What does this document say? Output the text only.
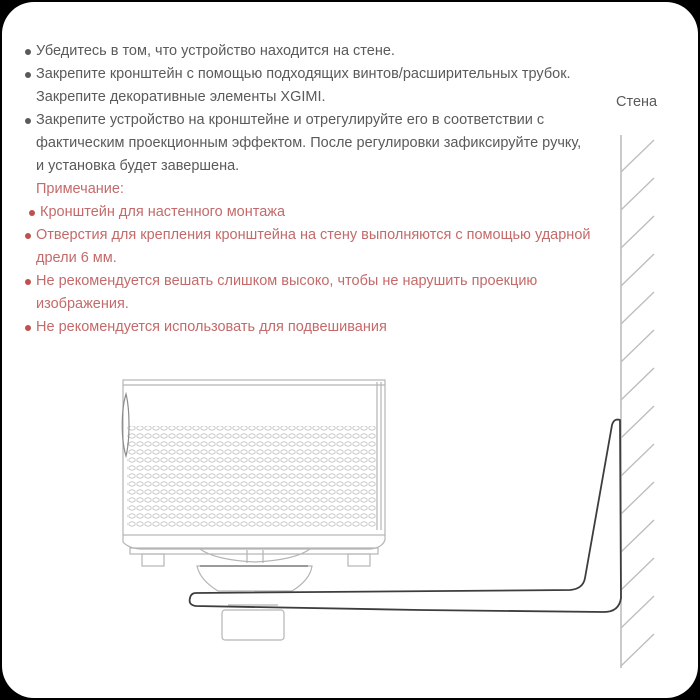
Убедитесь в том, что устройство находится на стене.
Закрепите кронштейн с помощью подходящих винтов/расширительных трубок.
Закрепите декоративные элементы XGIMI.
Закрепите устройство на кронштейне и отрегулируйте его в соответствии с
фактическим проекционным эффектом. После регулировки зафиксируйте ручку,
и установка будет завершена.
Примечание:
Кронштейн для настенного монтажа
Отверстия для крепления кронштейна на стену выполняются с помощью ударной
дрели 6 мм.
Не рекомендуется вешать слишком высоко, чтобы не нарушить проекцию
изображения.
Не рекомендуется использовать для подвешивания
Стена
